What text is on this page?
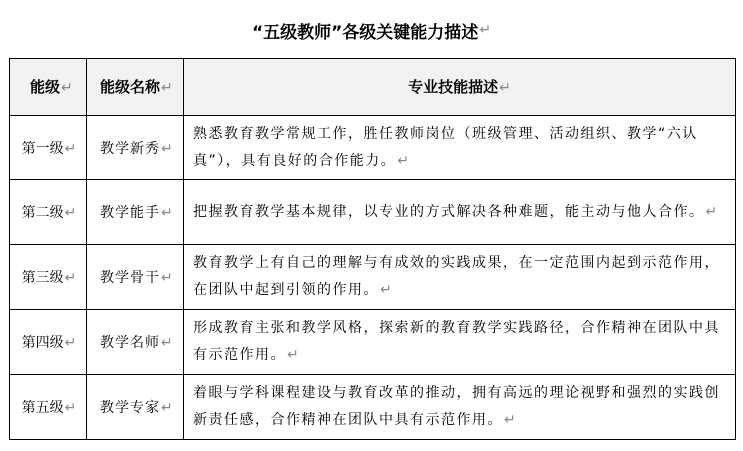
“五级教师”各级关键能力描述 ↵
能级↵	能级名称↵	专业技能描述↵
第一级↵	教学新秀↵	熟悉教育教学常规工作，胜任教师岗位（班级管理、活动组织、教学“六认真”），具有良好的合作能力。↵
第二级↵	教学能手↵	把握教育教学基本规律，以专业的方式解决各种难题，能主动与他人合作。↵
第三级↵	教学骨干↵	教育教学上有自己的理解与有成效的实践成果，在一定范围内起到示范作用，在团队中起到引领的作用。↵
第四级↵	教学名师↵	形成教育主张和教学风格，探索新的教育教学实践路径，合作精神在团队中具有示范作用。↵
第五级↵	教学专家↵	着眼与学科课程建设与教育改革的推动，拥有高远的理论视野和强烈的实践创新责任感，合作精神在团队中具有示范作用。↵
